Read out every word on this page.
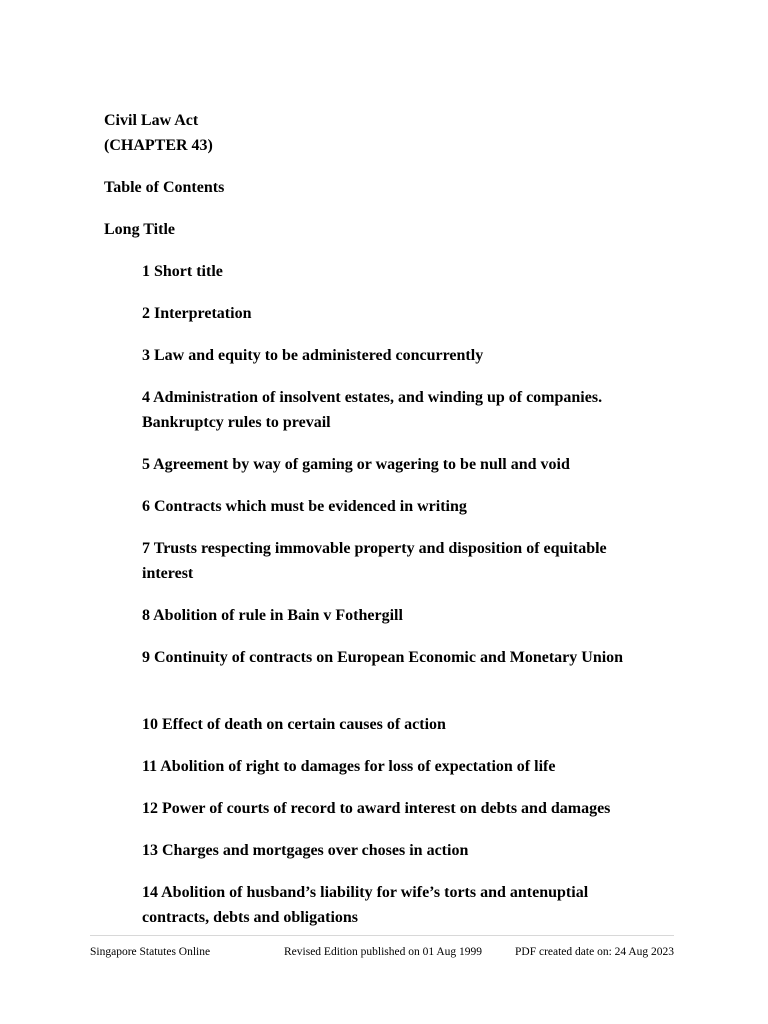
Civil Law Act

(CHAPTER 43)

Table of Contents

Long Title

1 Short title

2 Interpretation

3 Law and equity to be administered concurrently

4 Administration of insolvent estates, and winding up of companies. Bankruptcy rules to prevail

5 Agreement by way of gaming or wagering to be null and void

6 Contracts which must be evidenced in writing

7 Trusts respecting immovable property and disposition of equitable interest

8 Abolition of rule in Bain v Fothergill

9 Continuity of contracts on European Economic and Monetary Union

10 Effect of death on certain causes of action

11 Abolition of right to damages for loss of expectation of life

12 Power of courts of record to award interest on debts and damages

13 Charges and mortgages over choses in action

14 Abolition of husband’s liability for wife’s torts and antenuptial contracts, debts and obligations

Singapore Statutes Online	Revised Edition published on 01 Aug 1999	PDF created date on: 24 Aug 2023
